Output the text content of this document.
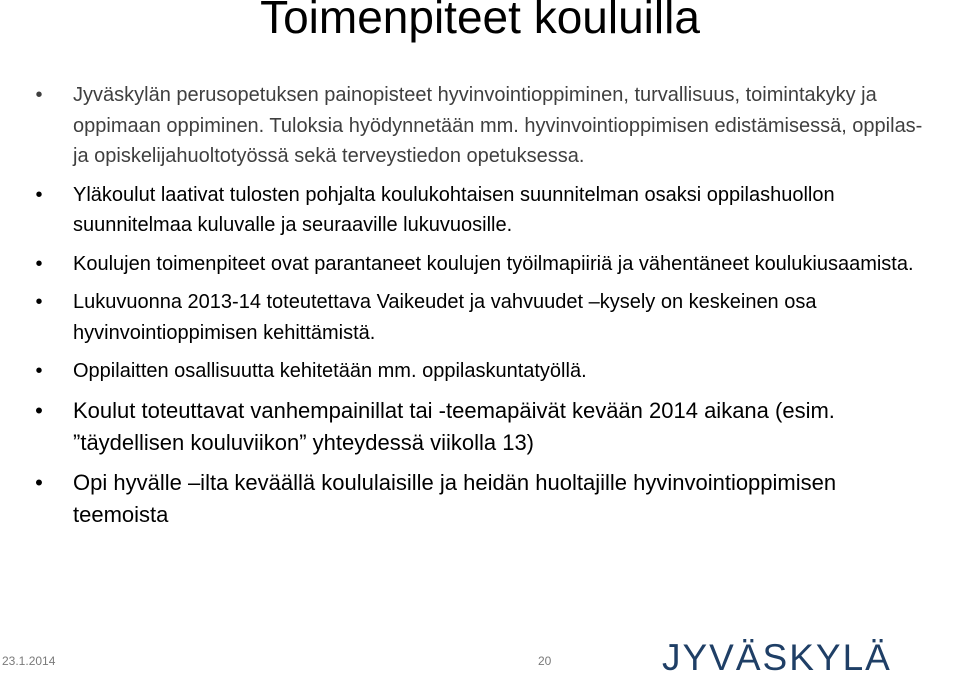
Toimenpiteet kouluilla
• Jyväskylän perusopetuksen painopisteet hyvinvointioppiminen, turvallisuus, toimintakyky ja oppimaan oppiminen. Tuloksia hyödynnetään mm. hyvinvointioppimisen edistämisessä, oppilas- ja opiskelijahuoltotyössä sekä terveystiedon opetuksessa.
• Yläkoulut laativat tulosten pohjalta koulukohtaisen suunnitelman osaksi oppilashuollon suunnitelmaa kuluvalle ja seuraaville lukuvuosille.
• Koulujen toimenpiteet ovat parantaneet koulujen työilmapiiriä ja vähentäneet koulukiusaamista.
• Lukuvuonna 2013-14 toteutettava Vaikeudet ja vahvuudet –kysely on keskeinen osa hyvinvointioppimisen kehittämistä.
• Oppilaitten osallisuutta kehitetään mm. oppilaskuntatyöllä.
• Koulut toteuttavat vanhempainillat tai -teemapäivät kevään 2014 aikana (esim. ”täydellisen kouluviikon” yhteydessä viikolla 13)
• Opi hyvälle –ilta keväällä koululaisille ja heidän huoltajille hyvinvointioppimisen teemoista
23.1.2014	20	JYVÄSKYLÄ
